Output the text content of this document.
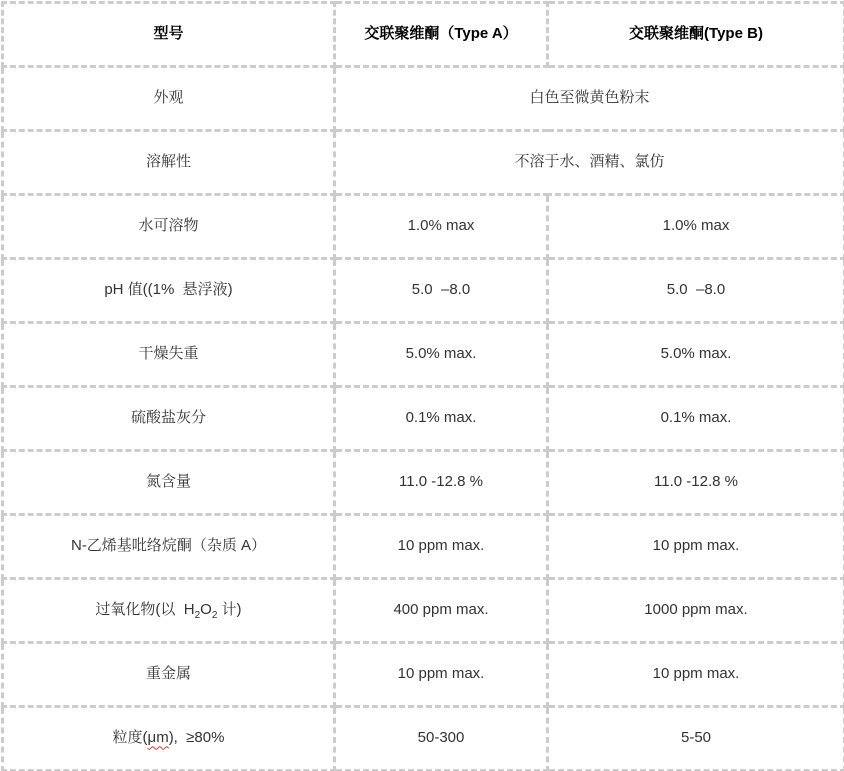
型号	交联聚维酮（Type A）	交联聚维酮(Type B)
外观	白色至微黄色粉末	
溶解性	不溶于水、酒精、氯仿	
水可溶物	1.0% max	1.0% max
pH 值((1%  悬浮液)	5.0  –8.0	5.0  –8.0
干燥失重	5.0% max.	5.0% max.
硫酸盐灰分	0.1% max.	0.1% max.
氮含量	11.0 -12.8 %	11.0 -12.8 %
N-乙烯基吡络烷酮（杂质 A）	10 ppm max.	10 ppm max.
过氧化物(以  $H_2O_2$ 计)	400 ppm max.	1000 ppm max.
重金属	10 ppm max.	10 ppm max.
粒度(μm),  ≥80%	50-300	5-50
